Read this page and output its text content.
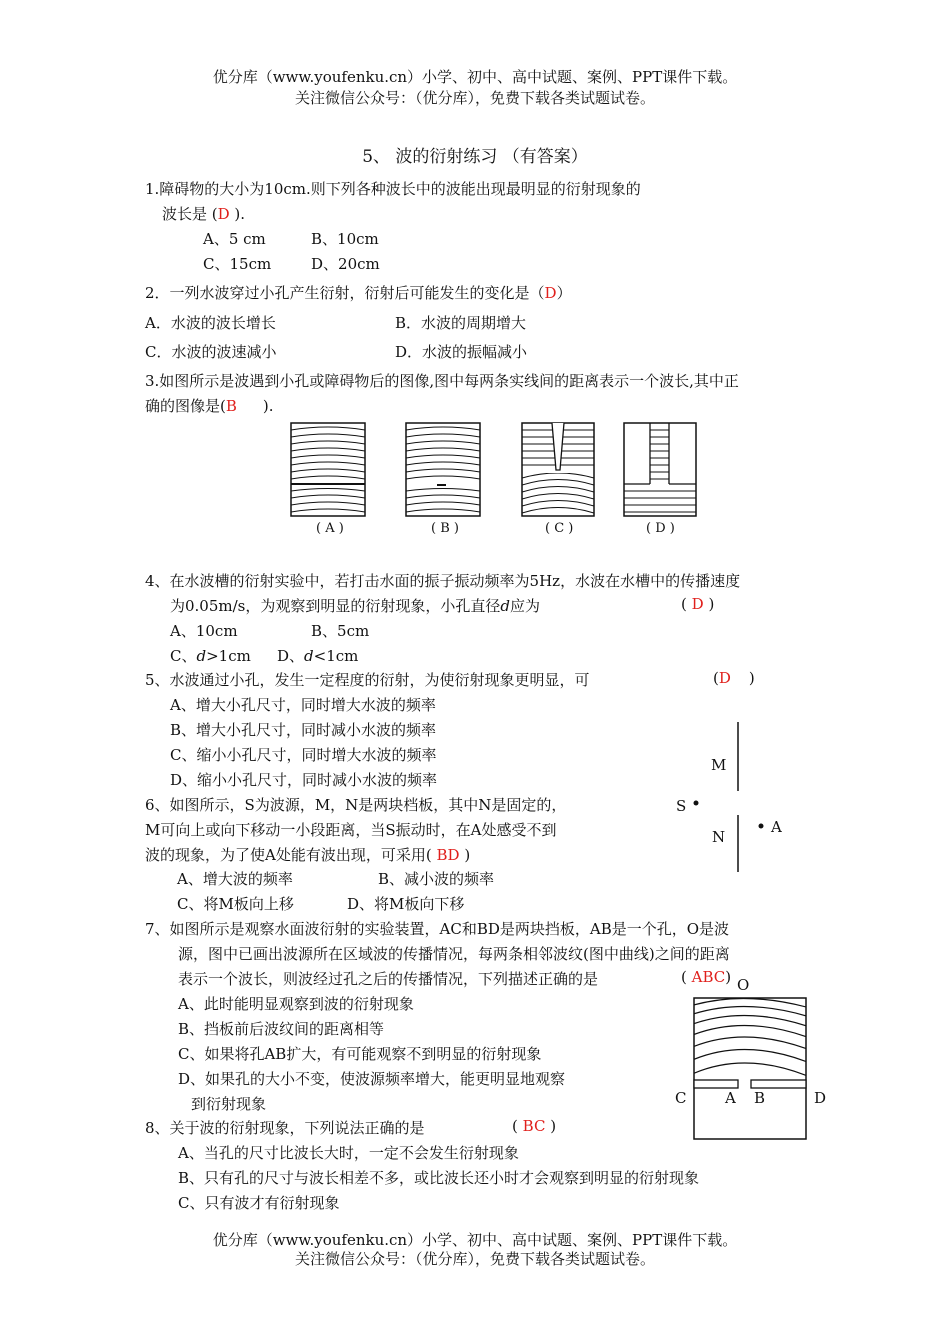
优分库（www.youfenku.cn）小学、初中、高中试题、案例、PPT课件下载。
关注微信公众号：（优分库），免费下载各类试题试卷。
5、 波的衍射练习 （有答案）
1.障碍物的大小为10cm.则下列各种波长中的波能出现最明显的衍射现象的
波长是 (D ).
A、5 cm	B、10cm
C、15cm	D、20cm
2．一列水波穿过小孔产生衍射，衍射后可能发生的变化是（D）
A．水波的波长增长	B．水波的周期增大
C．水波的波速减小	D．水波的振幅减小
3.如图所示是波遇到小孔或障碍物后的图像,图中每两条实线间的距离表示一个波长,其中正
确的图像是(B ).
( A )	( B )	( C )	( D )
4、在水波槽的衍射实验中，若打击水面的振子振动频率为5Hz，水波在水槽中的传播速度
为0.05m/s，为观察到明显的衍射现象，小孔直径d应为	( D )
A、10cm	B、5cm
C、d>1cm D、d<1cm
5、水波通过小孔，发生一定程度的衍射，为使衍射现象更明显，可	(D )
A、增大小孔尺寸，同时增大水波的频率
B、增大小孔尺寸，同时减小水波的频率
C、缩小小孔尺寸，同时增大水波的频率
D、缩小小孔尺寸，同时减小水波的频率
M
N
S
A
6、如图所示，S为波源，M，N是两块档板，其中N是固定的，
M可向上或向下移动一小段距离，当S振动时，在A处感受不到
波的现象，为了使A处能有波出现，可采用( BD )
A、增大波的频率	B、减小波的频率
C、将M板向上移	D、将M板向下移
7、如图所示是观察水面波衍射的实验装置，AC和BD是两块挡板，AB是一个孔，O是波
源，图中已画出波源所在区域波的传播情况，每两条相邻波纹(图中曲线)之间的距离
表示一个波长，则波经过孔之后的传播情况，下列描述正确的是	( ABC)
A、此时能明显观察到波的衍射现象
B、挡板前后波纹间的距离相等
C、如果将孔AB扩大，有可能观察不到明显的衍射现象
D、如果孔的大小不变，使波源频率增大，能更明显地观察
到衍射现象
O
C	A B	D
8、关于波的衍射现象，下列说法正确的是	( BC )
A、当孔的尺寸比波长大时，一定不会发生衍射现象
B、只有孔的尺寸与波长相差不多，或比波长还小时才会观察到明显的衍射现象
C、只有波才有衍射现象
优分库（www.youfenku.cn）小学、初中、高中试题、案例、PPT课件下载。
关注微信公众号：（优分库），免费下载各类试题试卷。
